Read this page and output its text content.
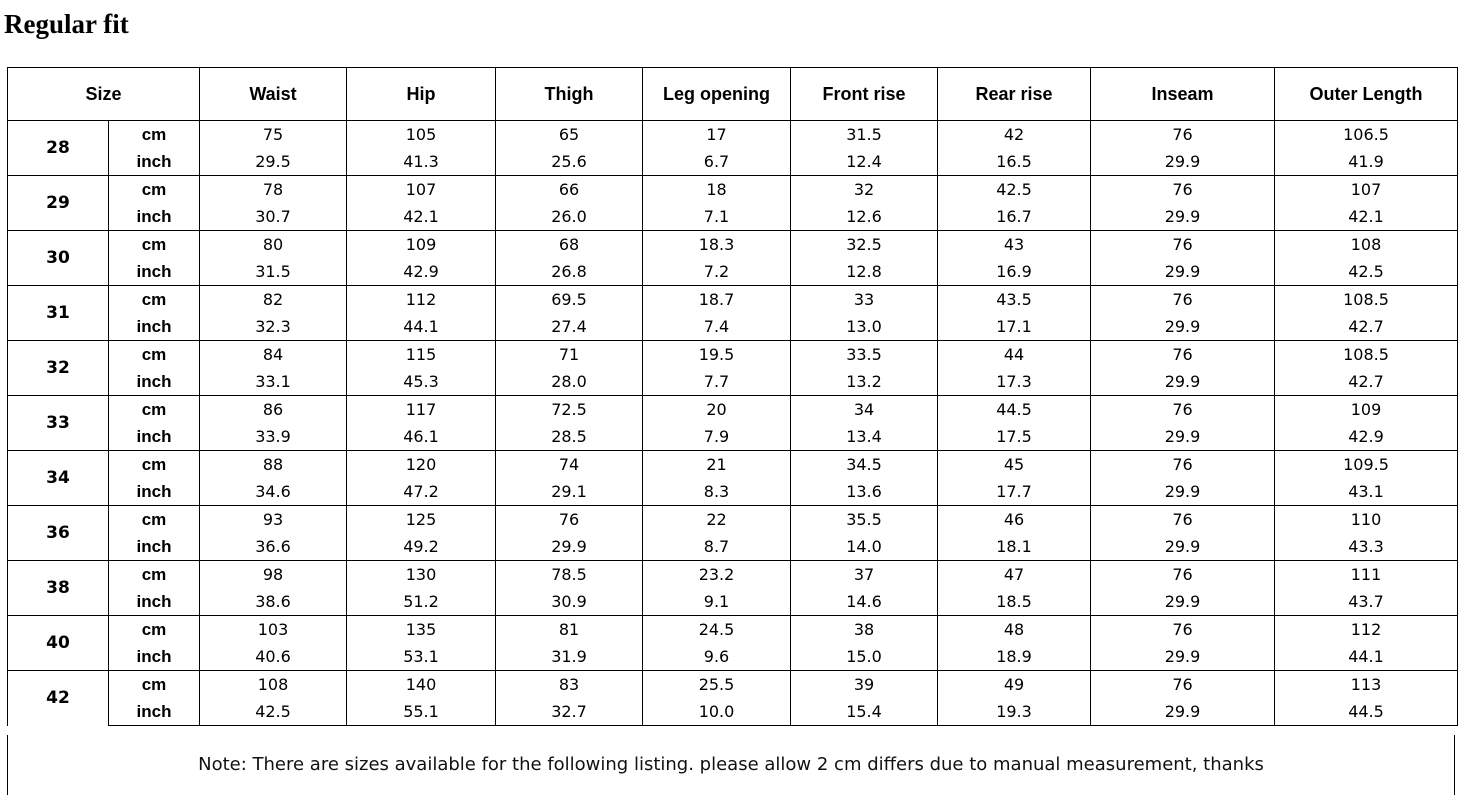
Regular fit
Size		Waist	Hip	Thigh	Leg opening	Front rise	Rear rise	Inseam	Outer Length
28	cm	75	105	65	17	31.5	42	76	106.5
	inch	29.5	41.3	25.6	6.7	12.4	16.5	29.9	41.9
29	cm	78	107	66	18	32	42.5	76	107
	inch	30.7	42.1	26.0	7.1	12.6	16.7	29.9	42.1
30	cm	80	109	68	18.3	32.5	43	76	108
	inch	31.5	42.9	26.8	7.2	12.8	16.9	29.9	42.5
31	cm	82	112	69.5	18.7	33	43.5	76	108.5
	inch	32.3	44.1	27.4	7.4	13.0	17.1	29.9	42.7
32	cm	84	115	71	19.5	33.5	44	76	108.5
	inch	33.1	45.3	28.0	7.7	13.2	17.3	29.9	42.7
33	cm	86	117	72.5	20	34	44.5	76	109
	inch	33.9	46.1	28.5	7.9	13.4	17.5	29.9	42.9
34	cm	88	120	74	21	34.5	45	76	109.5
	inch	34.6	47.2	29.1	8.3	13.6	17.7	29.9	43.1
36	cm	93	125	76	22	35.5	46	76	110
	inch	36.6	49.2	29.9	8.7	14.0	18.1	29.9	43.3
38	cm	98	130	78.5	23.2	37	47	76	111
	inch	38.6	51.2	30.9	9.1	14.6	18.5	29.9	43.7
40	cm	103	135	81	24.5	38	48	76	112
	inch	40.6	53.1	31.9	9.6	15.0	18.9	29.9	44.1
42	cm	108	140	83	25.5	39	49	76	113
	inch	42.5	55.1	32.7	10.0	15.4	19.3	29.9	44.5
Note: There are sizes available for the following listing. please allow 2 cm differs due to manual measurement, thanks
